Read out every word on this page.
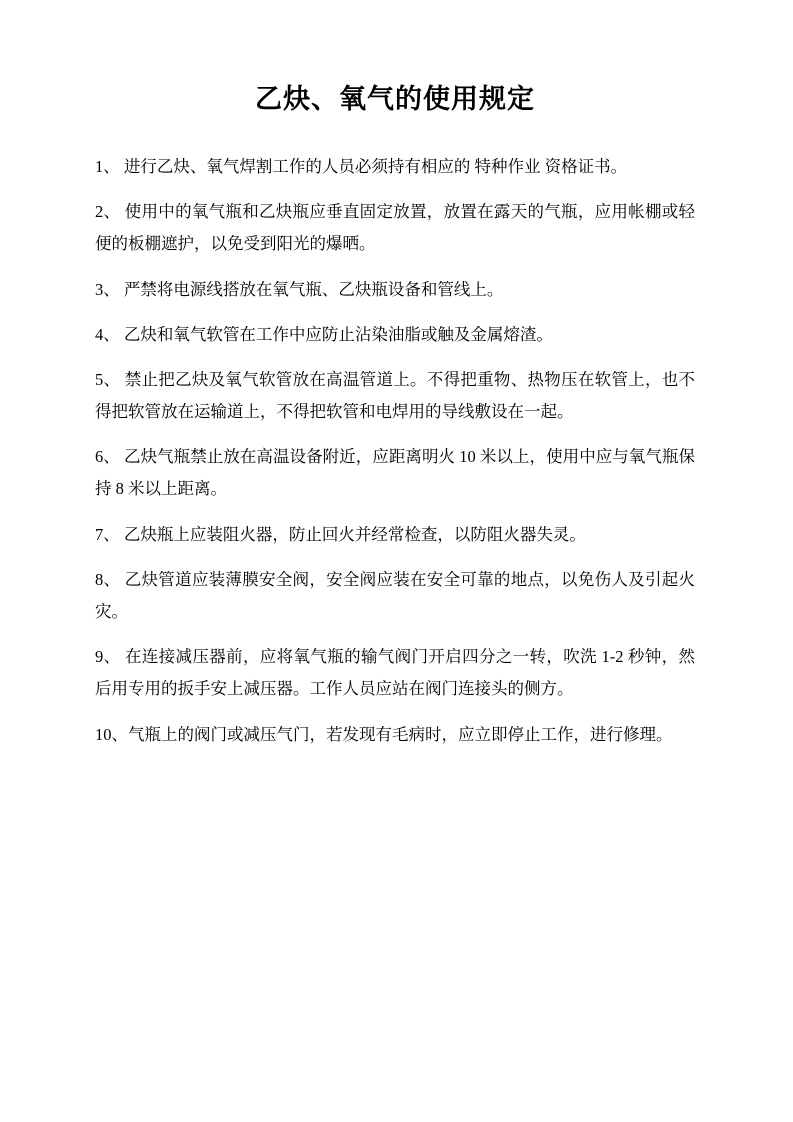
乙炔、氧气的使用规定

1、 进行乙炔、氧气焊割工作的人员必须持有相应的 特种作业 资格证书。

2、 使用中的氧气瓶和乙炔瓶应垂直固定放置，放置在露天的气瓶，应用帐棚或轻便的板棚遮护，以免受到阳光的爆晒。

3、 严禁将电源线搭放在氧气瓶、乙炔瓶设备和管线上。

4、 乙炔和氧气软管在工作中应防止沾染油脂或触及金属熔渣。

5、 禁止把乙炔及氧气软管放在高温管道上。不得把重物、热物压在软管上，也不得把软管放在运输道上，不得把软管和电焊用的导线敷设在一起。

6、 乙炔气瓶禁止放在高温设备附近，应距离明火 10 米以上，使用中应与氧气瓶保持 8 米以上距离。

7、 乙炔瓶上应装阻火器，防止回火并经常检查，以防阻火器失灵。

8、 乙炔管道应装薄膜安全阀，安全阀应装在安全可靠的地点，以免伤人及引起火灾。

9、 在连接减压器前，应将氧气瓶的输气阀门开启四分之一转，吹洗 1-2 秒钟，然后用专用的扳手安上减压器。工作人员应站在阀门连接头的侧方。

10、气瓶上的阀门或减压气门，若发现有毛病时，应立即停止工作，进行修理。
